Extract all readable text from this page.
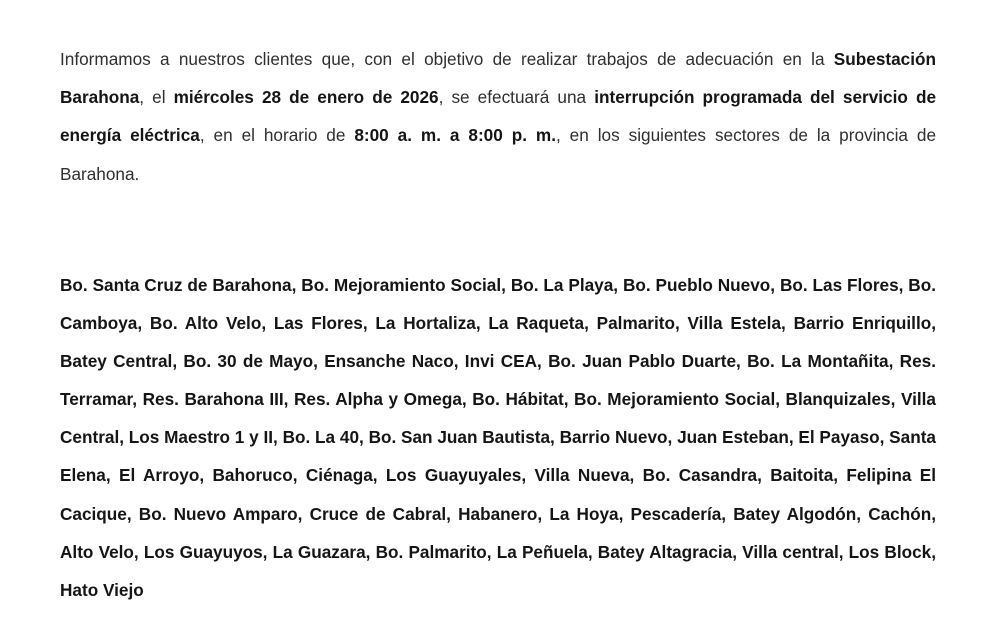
Informamos a nuestros clientes que, con el objetivo de realizar trabajos de adecuación en la Subestación Barahona, el miércoles 28 de enero de 2026, se efectuará una interrupción programada del servicio de energía eléctrica, en el horario de 8:00 a. m. a 8:00 p. m., en los siguientes sectores de la provincia de Barahona.

Bo. Santa Cruz de Barahona, Bo. Mejoramiento Social, Bo. La Playa, Bo. Pueblo Nuevo, Bo. Las Flores, Bo. Camboya, Bo. Alto Velo, Las Flores, La Hortaliza, La Raqueta, Palmarito, Villa Estela, Barrio Enriquillo, Batey Central, Bo. 30 de Mayo, Ensanche Naco, Invi CEA, Bo. Juan Pablo Duarte, Bo. La Montañita, Res. Terramar, Res. Barahona III, Res. Alpha y Omega, Bo. Hábitat, Bo. Mejoramiento Social, Blanquizales, Villa Central, Los Maestro 1 y II, Bo. La 40, Bo. San Juan Bautista, Barrio Nuevo, Juan Esteban, El Payaso, Santa Elena, El Arroyo, Bahoruco, Ciénaga, Los Guayuyales, Villa Nueva, Bo. Casandra, Baitoita, Felipina El Cacique, Bo. Nuevo Amparo, Cruce de Cabral, Habanero, La Hoya, Pescadería, Batey Algodón, Cachón, Alto Velo, Los Guayuyos, La Guazara, Bo. Palmarito, La Peñuela, Batey Altagracia, Villa central, Los Block, Hato Viejo
